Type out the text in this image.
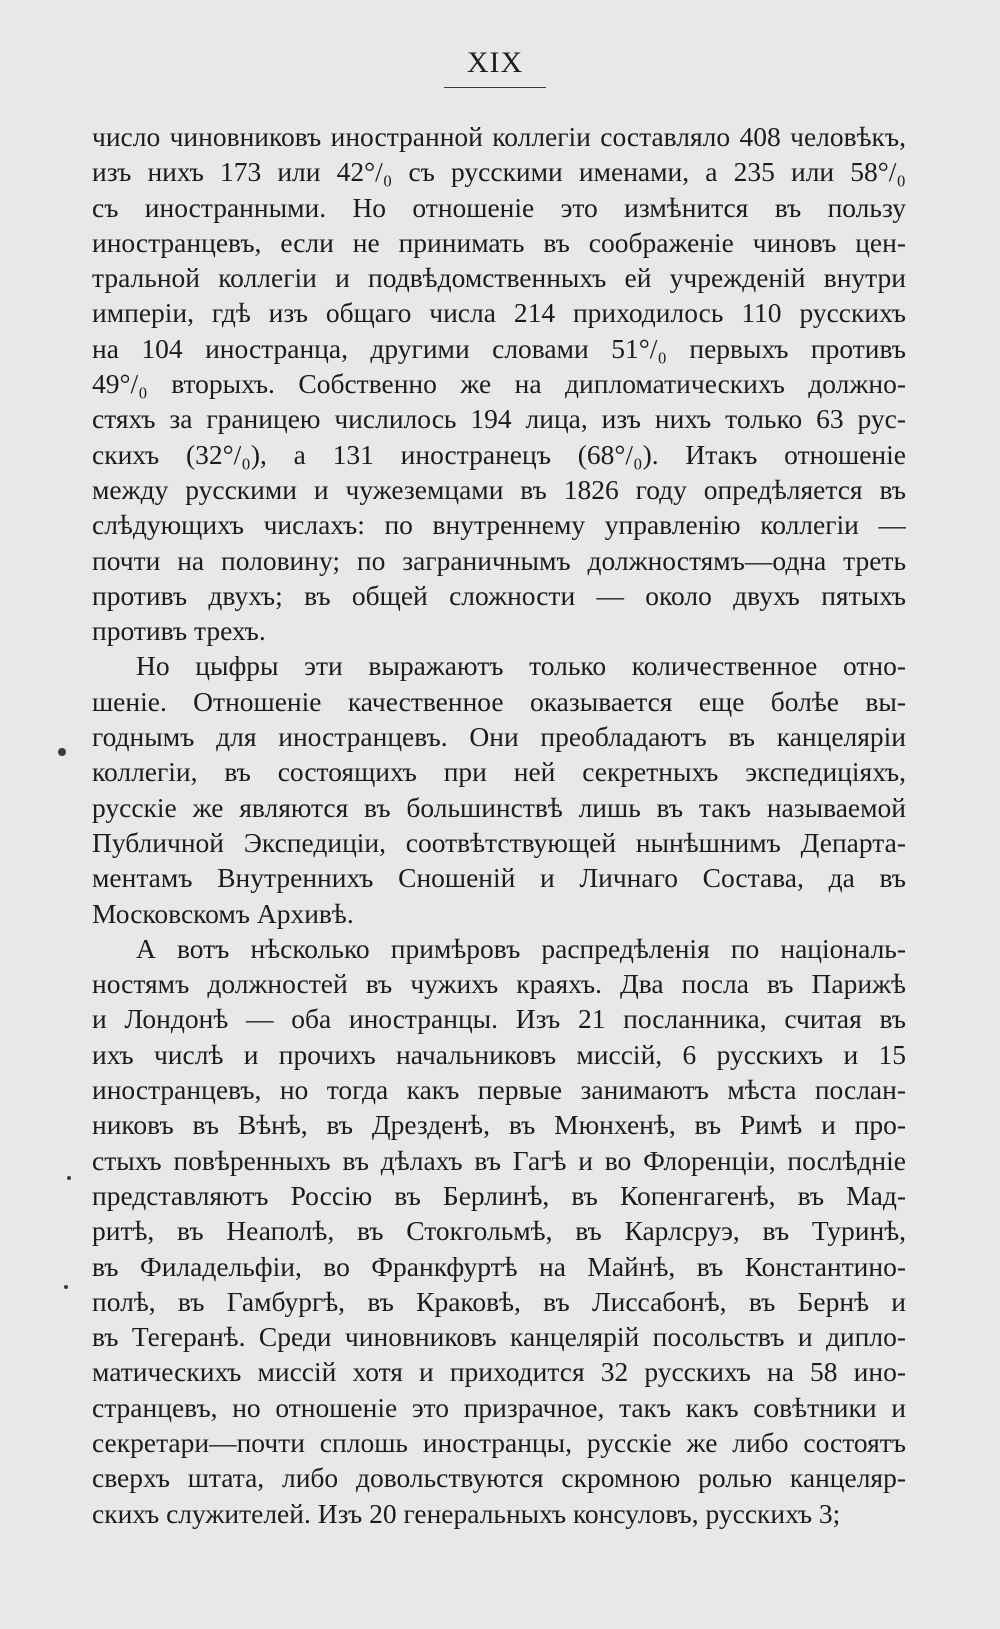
XIX
число чиновниковъ иностранной коллегіи составляло 408 человѣкъ,
изъ нихъ 173 или 42°/₀ съ русскими именами, а 235 или 58°/₀
съ иностранными. Но отношеніе это измѣнится въ пользу
иностранцевъ, если не принимать въ соображеніе чиновъ цен-
тральной коллегіи и подвѣдомственныхъ ей учрежденій внутри
имперіи, гдѣ изъ общаго числа 214 приходилось 110 русскихъ
на 104 иностранца, другими словами 51°/₀ первыхъ противъ
49°/₀ вторыхъ. Собственно же на дипломатическихъ должно-
стяхъ за границею числилось 194 лица, изъ нихъ только 63 рус-
скихъ (32°/₀), а 131 иностранецъ (68°/₀). Итакъ отношеніе
между русскими и чужеземцами въ 1826 году опредѣляется въ
слѣдующихъ числахъ: по внутреннему управленію коллегіи —
почти на половину; по заграничнымъ должностямъ—одна треть
противъ двухъ; въ общей сложности — около двухъ пятыхъ
противъ трехъ.
Но цыфры эти выражаютъ только количественное отно-
шеніе. Отношеніе качественное оказывается еще болѣе вы-
годнымъ для иностранцевъ. Они преобладаютъ въ канцеляріи
коллегіи, въ состоящихъ при ней секретныхъ экспедиціяхъ,
русскіе же являются въ большинствѣ лишь въ такъ называемой
Публичной Экспедиціи, соотвѣтствующей нынѣшнимъ Департа-
ментамъ Внутреннихъ Сношеній и Личнаго Состава, да въ
Московскомъ Архивѣ.
А вотъ нѣсколько примѣровъ распредѣленія по національ-
ностямъ должностей въ чужихъ краяхъ. Два посла въ Парижѣ
и Лондонѣ — оба иностранцы. Изъ 21 посланника, считая въ
ихъ числѣ и прочихъ начальниковъ миссій, 6 русскихъ и 15
иностранцевъ, но тогда какъ первые занимаютъ мѣста послан-
никовъ въ Вѣнѣ, въ Дрезденѣ, въ Мюнхенѣ, въ Римѣ и про-
стыхъ повѣренныхъ въ дѣлахъ въ Гагѣ и во Флоренціи, послѣдніе
представляютъ Россію въ Берлинѣ, въ Копенгагенѣ, въ Мад-
ритѣ, въ Неаполѣ, въ Стокгольмѣ, въ Карлсруэ, въ Туринѣ,
въ Филадельфіи, во Франкфуртѣ на Майнѣ, въ Константино-
полѣ, въ Гамбургѣ, въ Краковѣ, въ Лиссабонѣ, въ Бернѣ и
въ Тегеранѣ. Среди чиновниковъ канцелярій посольствъ и дипло-
матическихъ миссій хотя и приходится 32 русскихъ на 58 ино-
странцевъ, но отношеніе это призрачное, такъ какъ совѣтники и
секретари—почти сплошь иностранцы, русскіе же либо состоятъ
сверхъ штата, либо довольствуются скромною ролью канцеляр-
скихъ служителей. Изъ 20 генеральныхъ консуловъ, русскихъ 3;
